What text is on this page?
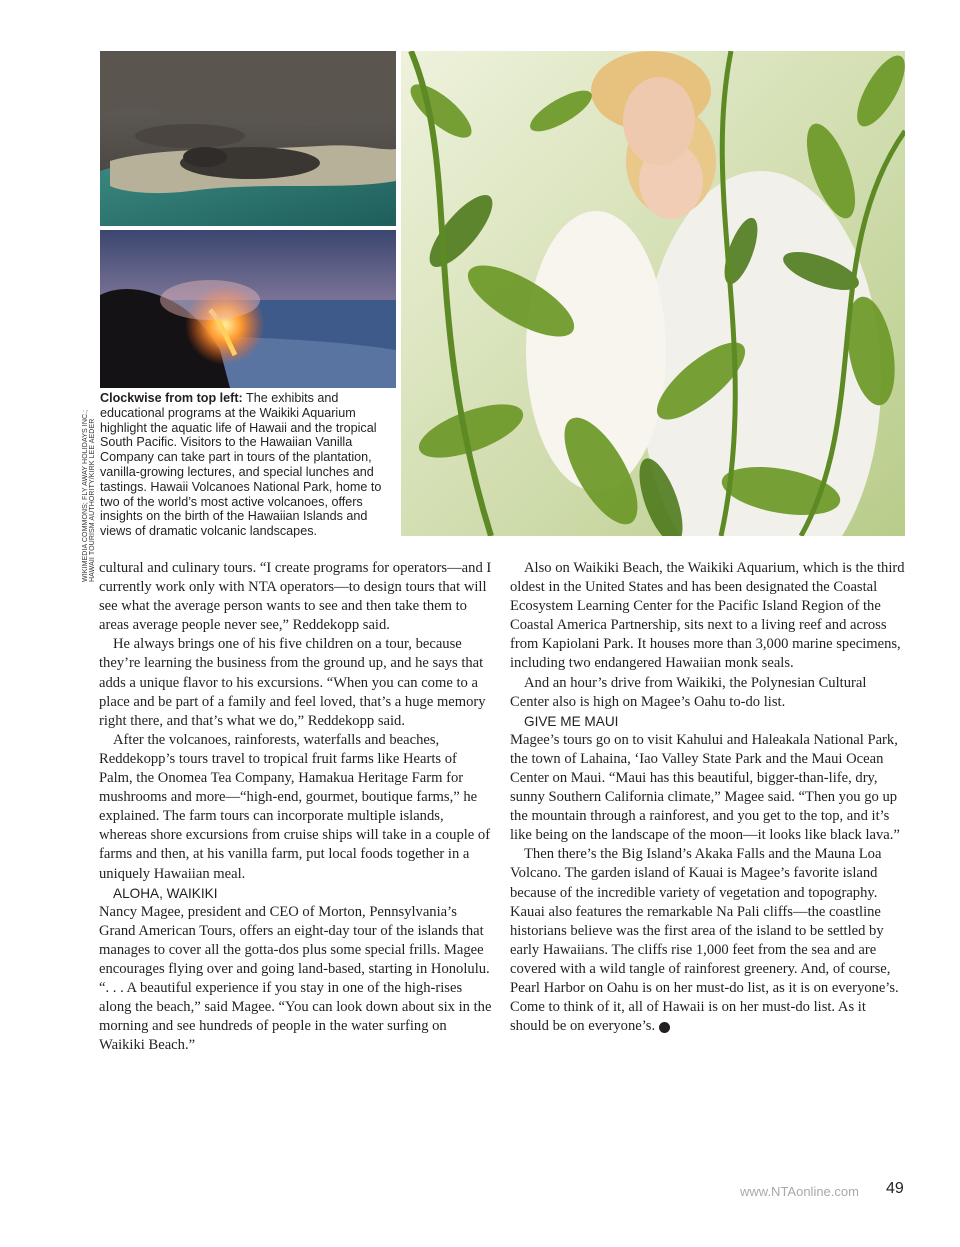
WIKIMEDIA COMMONS; FLY AWAY HOLIDAYS INC.; HAWAII TOURISM AUTHORITY/KIRK LEE AEDER
Clockwise from top left: The exhibits and educational programs at the Waikiki Aquarium highlight the aquatic life of Hawaii and the tropical South Pacific. Visitors to the Hawaiian Vanilla Company can take part in tours of the plantation, vanilla-growing lectures, and special lunches and tastings. Hawaii Volcanoes National Park, home to two of the world’s most active volcanoes, offers insights on the birth of the Hawaiian Islands and views of dramatic volcanic landscapes.

cultural and culinary tours. “I create programs for operators—and I currently work only with NTA operators—to design tours that will see what the average person wants to see and then take them to areas average people never see,” Reddekopp said.

He always brings one of his five children on a tour, because they’re learning the business from the ground up, and he says that adds a unique flavor to his excursions. “When you can come to a place and be part of a family and feel loved, that’s a huge memory right there, and that’s what we do,” Reddekopp said.

After the volcanoes, rainforests, waterfalls and beaches, Reddekopp’s tours travel to tropical fruit farms like Hearts of Palm, the Onomea Tea Company, Hamakua Heritage Farm for mushrooms and more—“high-end, gourmet, boutique farms,” he explained. The farm tours can incorporate multiple islands, whereas shore excursions from cruise ships will take in a couple of farms and then, at his vanilla farm, put local foods together in a uniquely Hawaiian meal.

ALOHA, WAIKIKI

Nancy Magee, president and CEO of Morton, Pennsylvania’s Grand American Tours, offers an eight-day tour of the islands that manages to cover all the gotta-dos plus some special frills. Magee encourages flying over and going land-based, starting in Honolulu. “. . . A beautiful experience if you stay in one of the high-rises along the beach,” said Magee. “You can look down about six in the morning and see hundreds of people in the water surfing on Waikiki Beach.”

Also on Waikiki Beach, the Waikiki Aquarium, which is the third oldest in the United States and has been designated the Coastal Ecosystem Learning Center for the Pacific Island Region of the Coastal America Partnership, sits next to a living reef and across from Kapiolani Park. It houses more than 3,000 marine specimens, including two endangered Hawaiian monk seals.

And an hour’s drive from Waikiki, the Polynesian Cultural Center also is high on Magee’s Oahu to-do list.

GIVE ME MAUI

Magee’s tours go on to visit Kahului and Haleakala National Park, the town of Lahaina, ‘Iao Valley State Park and the Maui Ocean Center on Maui. “Maui has this beautiful, bigger-than-life, dry, sunny Southern California climate,” Magee said. “Then you go up the mountain through a rainforest, and you get to the top, and it’s like being on the landscape of the moon—it looks like black lava.”

Then there’s the Big Island’s Akaka Falls and the Mauna Loa Volcano. The garden island of Kauai is Magee’s favorite island because of the incredible variety of vegetation and topography. Kauai also features the remarkable Na Pali cliffs—the coastline historians believe was the first area of the island to be settled by early Hawaiians. The cliffs rise 1,000 feet from the sea and are covered with a wild tangle of rainforest greenery. And, of course, Pearl Harbor on Oahu is on her must-do list, as it is on everyone’s. Come to think of it, all of Hawaii is on her must-do list. As it should be on everyone’s. C

www.NTAonline.com 49
